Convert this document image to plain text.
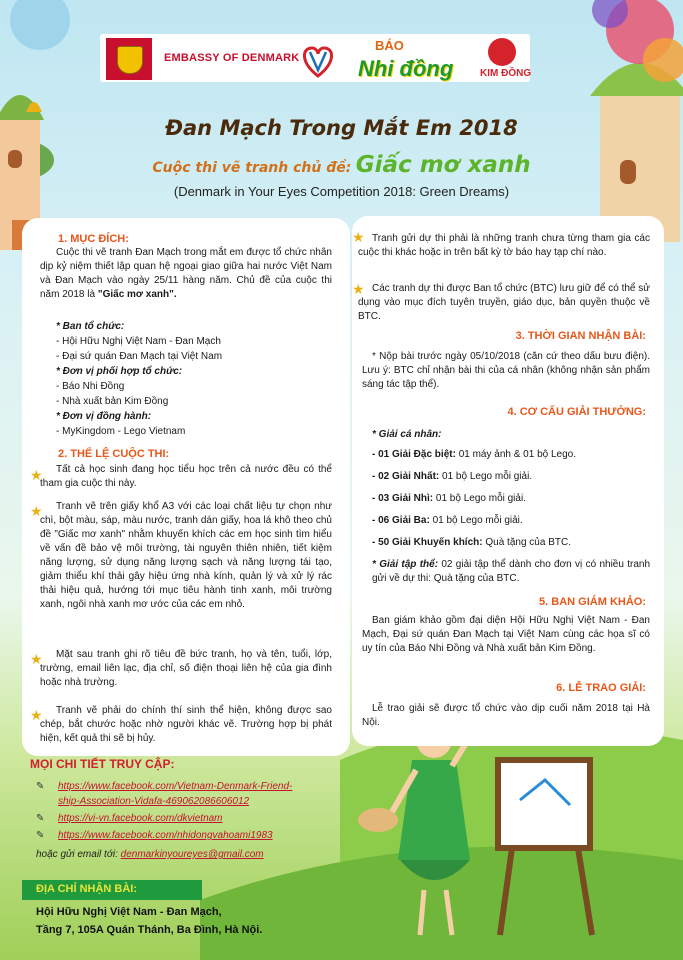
EMBASSY OF DENMARK
BÁO
Nhi đồng	KIM ĐỒNG
Đan Mạch Trong Mắt Em 2018
Cuộc thi vẽ tranh chủ đề: Giấc mơ xanh
(Denmark in Your Eyes Competition 2018: Green Dreams)
1. MỤC ĐÍCH:
Cuộc thi vẽ tranh Đan Mạch trong mắt em được tổ chức nhân dịp kỷ niệm thiết lập quan hệ ngoại giao giữa hai nước Việt Nam và Đan Mạch vào ngày 25/11 hàng năm. Chủ đề của cuộc thi năm 2018 là "Giấc mơ xanh".
* Ban tổ chức:
- Hội Hữu Nghị Việt Nam - Đan Mạch
- Đại sứ quán Đan Mạch tại Việt Nam
* Đơn vị phối hợp tổ chức:
- Báo Nhi Đồng
- Nhà xuất bản Kim Đồng
* Đơn vị đồng hành:
- MyKingdom - Lego Vietnam
2. THỂ LỆ CUỘC THI:
★	Tất cả học sinh đang học tiểu học trên cả nước đều có thể tham gia cuộc thi này.
★	Tranh vẽ trên giấy khổ A3 với các loại chất liệu tự chọn như chì, bột màu, sáp, màu nước, tranh dán giấy, hoa lá khô theo chủ đề "Giấc mơ xanh" nhằm khuyến khích các em học sinh tìm hiểu về vấn đề bảo vệ môi trường, tài nguyên thiên nhiên, tiết kiệm năng lượng, sử dụng năng lượng sạch và năng lượng tái tạo, giảm thiểu khí thải gây hiệu ứng nhà kính, quản lý và xử lý rác thải hiệu quả, hướng tới mục tiêu hành tinh xanh, môi trường xanh, ngôi nhà xanh mơ ước của các em nhỏ.
★	Mặt sau tranh ghi rõ tiêu đề bức tranh, họ và tên, tuổi, lớp, trường, email liên lạc, địa chỉ, số điện thoại liên hệ của gia đình hoặc nhà trường.
★	Tranh vẽ phải do chính thí sinh thể hiện, không được sao chép, bắt chước hoặc nhờ người khác vẽ. Trường hợp bị phát hiện, kết quả thi sẽ bị hủy.
★ Tranh gửi dự thi phải là những tranh chưa từng tham gia các cuộc thi khác hoặc in trên bất kỳ tờ báo hay tạp chí nào.
★ Các tranh dự thi được Ban tổ chức (BTC) lưu giữ để có thể sử dụng vào mục đích tuyên truyền, giáo dục, bản quyền thuộc về BTC.
3. THỜI GIAN NHẬN BÀI:
* Nộp bài trước ngày 05/10/2018 (căn cứ theo dấu bưu điện). Lưu ý: BTC chỉ nhận bài thi của cá nhân (không nhận sản phẩm sáng tác tập thể).
4. CƠ CẤU GIẢI THƯỞNG:
* Giải cá nhân:
- 01 Giải Đặc biệt: 01 máy ảnh & 01 bộ Lego.
- 02 Giải Nhất: 01 bộ Lego mỗi giải.
- 03 Giải Nhì: 01 bộ Lego mỗi giải.
- 06 Giải Ba: 01 bộ Lego mỗi giải.
- 50 Giải Khuyến khích: Quà tặng của BTC.
* Giải tập thể: 02 giải tập thể dành cho đơn vị có nhiều tranh gửi về dự thi: Quà tặng của BTC.
5. BAN GIÁM KHẢO:
Ban giám khảo gồm đại diện Hội Hữu Nghị Việt Nam - Đan Mạch, Đại sứ quán Đan Mạch tại Việt Nam cùng các họa sĩ có uy tín của Báo Nhi Đồng và Nhà xuất bản Kim Đồng.
6. LỄ TRAO GIẢI:
Lễ trao giải sẽ được tổ chức vào dịp cuối năm 2018 tại Hà Nội.
MỌI CHI TIẾT TRUY CẬP:
✎ https://www.facebook.com/Vietnam-Denmark-Friend-
ship-Association-Vidafa-469062086606012
✎ https://vi-vn.facebook.com/dkvietnam
✎ https://www.facebook.com/nhidongvahoami1983
hoặc gửi email tới: denmarkinyoureyes@gmail.com
ĐỊA CHỈ NHẬN BÀI:
Hội Hữu Nghị Việt Nam - Đan Mạch,
Tầng 7, 105A Quán Thánh, Ba Đình, Hà Nội.
